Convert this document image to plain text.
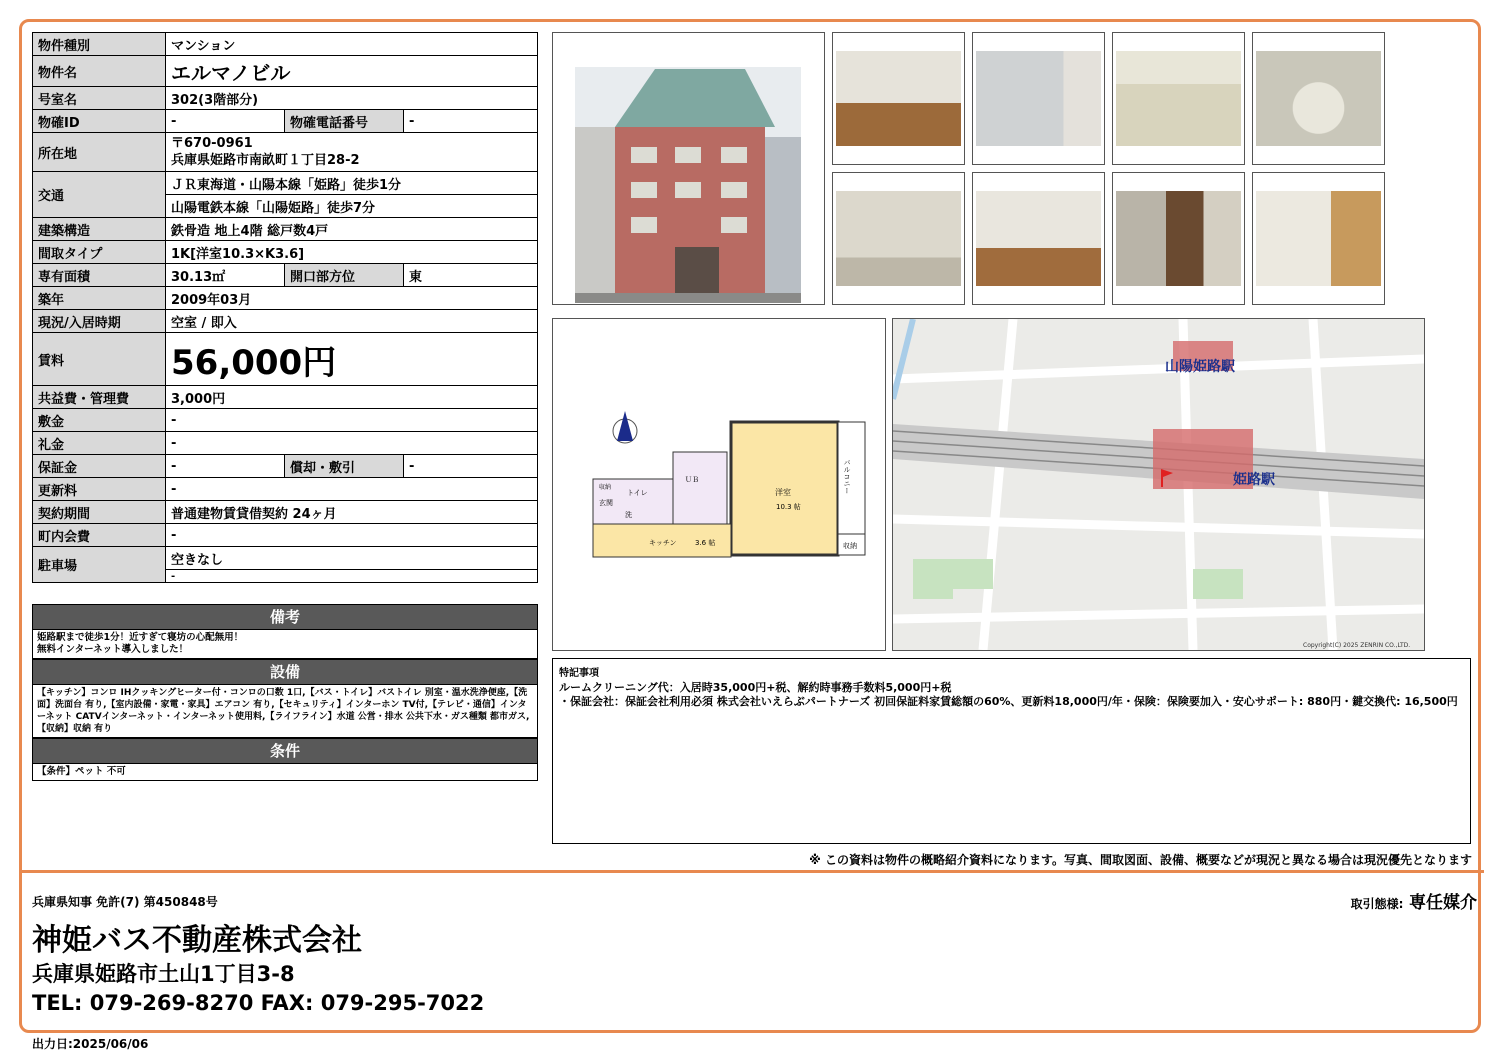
物件種別	マンション		
物件名	エルマノビル		
号室名	302(3階部分)		
物確ID	-	物確電話番号	-
所在地	〒670-0961
兵庫県姫路市南畝町１丁目28-2		

交通	ＪＲ東海道・山陽本線「姫路」徒歩1分		
	山陽電鉄本線「山陽姫路」徒歩7分		
建築構造	鉄骨造 地上4階 総戸数4戸		
間取タイプ	1K[洋室10.3×K3.6]		
専有面積	30.13㎡	開口部方位	東
築年	2009年03月		
現況/入居時期	空室 / 即入		
賃料	56,000円		
共益費・管理費	3,000円		
敷金	-		
礼金	-		
保証金	-	償却・敷引	-
更新料	-		
契約期間	普通建物賃貸借契約 24ヶ月		
町内会費	-		
駐車場	空きなし		
	-		
備考
姫路駅まで徒歩1分！近すぎて寝坊の心配無用！
無料インターネット導入しました！
設備
【キッチン】コンロ IHクッキングヒーター付・コンロの口数 1口,【バス・トイレ】バストイレ 別室・温水洗浄便座,【洗面】洗面台 有り,【室内設備・家電・家具】エアコン 有り,【セキュリティ】インターホン TV付,【テレビ・通信】インターネット CATVインターネット・インターネット使用料,【ライフライン】水道 公営・排水 公共下水・ガス種類 都市ガス,【収納】収納 有り
条件
【条件】ペット 不可
洋室
10.3 帖
キッチン	3.6 帖
バルコニー
収納
収納
玄関
トイレ
ＵＢ
洗
山陽姫路駅
姫路駅
Copyright(C) 2025 ZENRIN CO.,LTD.
特記事項
ルームクリーニング代：入居時35,000円+税、解約時事務手数料5,000円+税
・保証会社：保証会社利用必須 株式会社いえらぶパートナーズ 初回保証料家賃総額の60%、更新料18,000円/年・保険：保険要加入・安心サポート: 880円・鍵交換代: 16,500円
※ この資料は物件の概略紹介資料になります。写真、間取図面、設備、概要などが現況と異なる場合は現況優先となります
兵庫県知事 免許(7) 第450848号
神姫バス不動産株式会社
兵庫県姫路市土山1丁目3-8
TEL: 079-269-8270 FAX: 079-295-7022
取引態様: 専任媒介
出力日:2025/06/06
